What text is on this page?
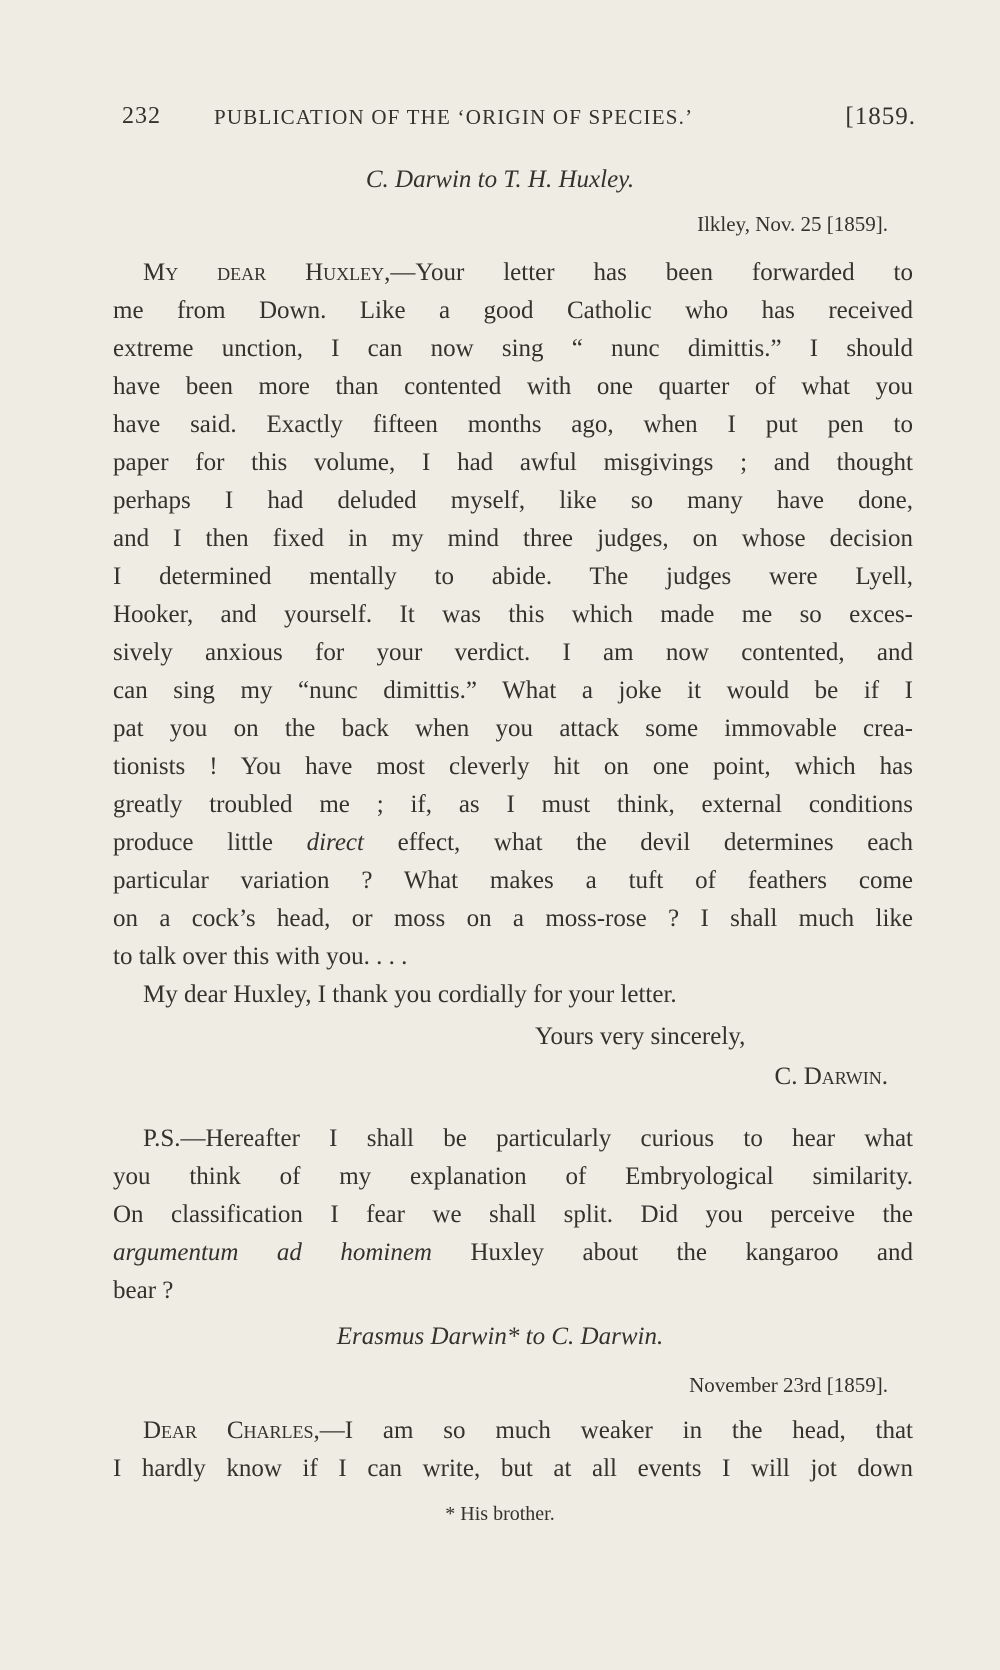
232	PUBLICATION OF THE ‘ORIGIN OF SPECIES.’	[1859.
C. Darwin to T. H. Huxley.
Ilkley, Nov. 25 [1859].
My dear Huxley,—Your letter has been forwarded to
me from Down. Like a good Catholic who has received
extreme unction, I can now sing “ nunc dimittis.” I should
have been more than contented with one quarter of what you
have said. Exactly fifteen months ago, when I put pen to
paper for this volume, I had awful misgivings ; and thought
perhaps I had deluded myself, like so many have done,
and I then fixed in my mind three judges, on whose decision
I determined mentally to abide. The judges were Lyell,
Hooker, and yourself. It was this which made me so exces-
sively anxious for your verdict. I am now contented, and
can sing my “nunc dimittis.” What a joke it would be if I
pat you on the back when you attack some immovable crea-
tionists ! You have most cleverly hit on one point, which has
greatly troubled me ; if, as I must think, external conditions
produce little direct effect, what the devil determines each
particular variation ? What makes a tuft of feathers come
on a cock’s head, or moss on a moss-rose ? I shall much like
to talk over this with you. . . .
My dear Huxley, I thank you cordially for your letter.
Yours very sincerely,
C. Darwin.
P.S.—Hereafter I shall be particularly curious to hear what
you think of my explanation of Embryological similarity.
On classification I fear we shall split. Did you perceive the
argumentum ad hominem Huxley about the kangaroo and
bear ?
Erasmus Darwin* to C. Darwin.
November 23rd [1859].
Dear Charles,—I am so much weaker in the head, that
I hardly know if I can write, but at all events I will jot down
* His brother.
